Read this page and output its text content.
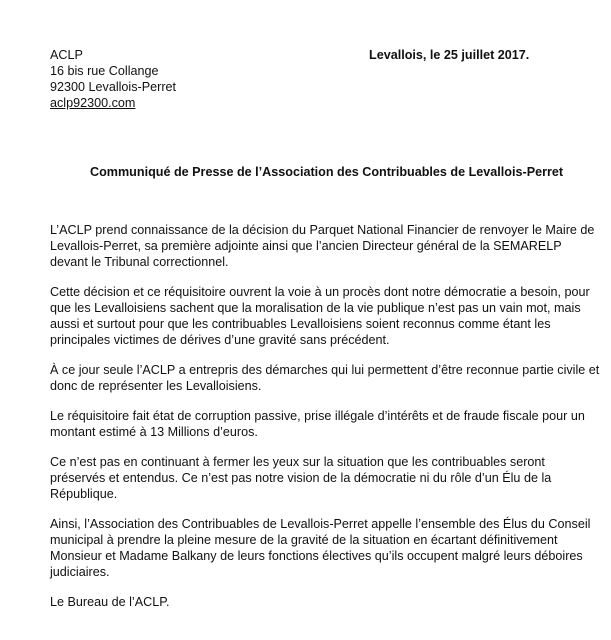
ACLP
16 bis rue Collange
92300 Levallois-Perret
aclp92300.com
Levallois, le 25 juillet 2017.
Communiqué de Presse de l’Association des Contribuables de Levallois-Perret

L’ACLP prend connaissance de la décision du Parquet National Financier de renvoyer le Maire de
Levallois-Perret, sa première adjointe ainsi que l’ancien Directeur général de la SEMARELP
devant le Tribunal correctionnel.

Cette décision et ce réquisitoire ouvrent la voie à un procès dont notre démocratie a besoin, pour
que les Levalloisiens sachent que la moralisation de la vie publique n’est pas un vain mot, mais
aussi et surtout pour que les contribuables Levalloisiens soient reconnus comme étant les
principales victimes de dérives d’une gravité sans précédent.

À ce jour seule l’ACLP a entrepris des démarches qui lui permettent d’être reconnue partie civile et
donc de représenter les Levalloisiens.

Le réquisitoire fait état de corruption passive, prise illégale d’intérêts et de fraude fiscale pour un
montant estimé à 13 Millions d’euros.

Ce n’est pas en continuant à fermer les yeux sur la situation que les contribuables seront
préservés et entendus. Ce n’est pas notre vision de la démocratie ni du rôle d’un Élu de la
République.

Ainsi, l’Association des Contribuables de Levallois-Perret appelle l’ensemble des Élus du Conseil
municipal à prendre la pleine mesure de la gravité de la situation en écartant définitivement
Monsieur et Madame Balkany de leurs fonctions électives qu’ils occupent malgré leurs déboires
judiciaires.

Le Bureau de l’ACLP.
